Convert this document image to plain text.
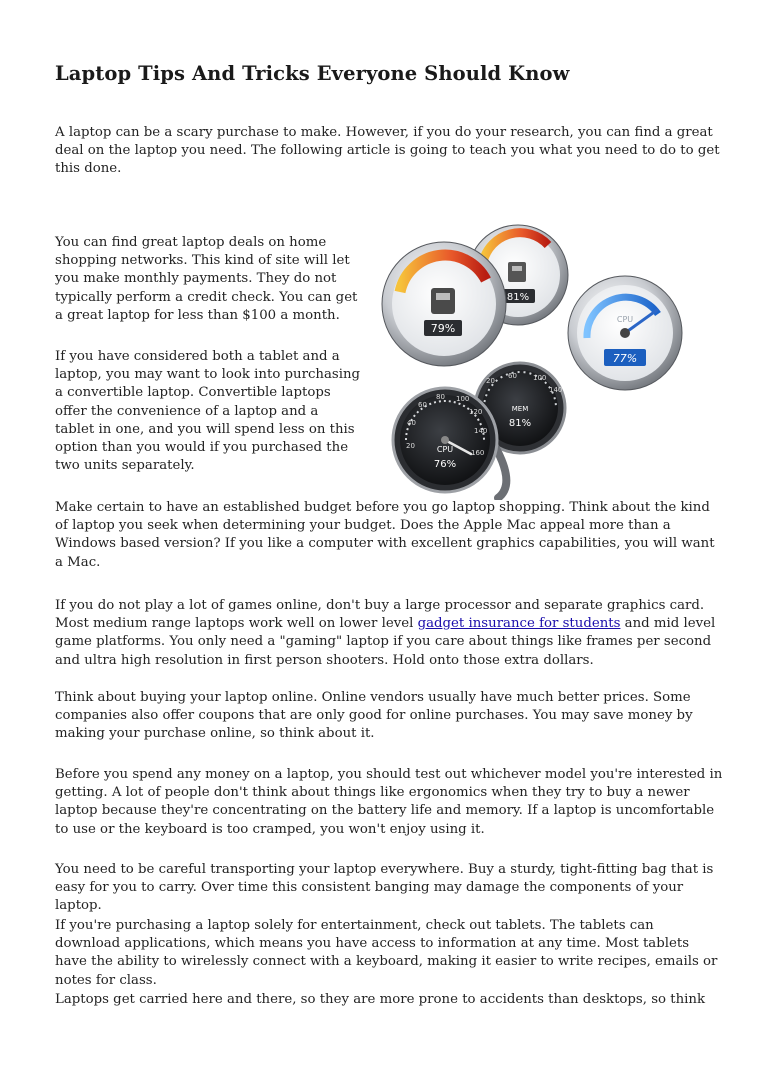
Laptop Tips And Tricks Everyone Should Know

A laptop can be a scary purchase to make. However, if you do your research, you can find a great deal on the laptop you need. The following article is going to teach you what you need to do to get this done.

You can find great laptop deals on home shopping networks. This kind of site will let you make monthly payments. They do not typically perform a credit check. You can get a great laptop for less than $100 a month.

If you have considered both a tablet and a laptop, you may want to look into purchasing a convertible laptop. Convertible laptops offer the convenience of a laptop and a tablet in one, and you will spend less on this option than you would if you purchased the two units separately.

Make certain to have an established budget before you go laptop shopping. Think about the kind of laptop you seek when determining your budget. Does the Apple Mac appeal more than a Windows based version? If you like a computer with excellent graphics capabilities, you will want a Mac.

If you do not play a lot of games online, don't buy a large processor and separate graphics card. Most medium range laptops work well on lower level gadget insurance for students and mid level game platforms. You only need a "gaming" laptop if you care about things like frames per second and ultra high resolution in first person shooters. Hold onto those extra dollars.

Think about buying your laptop online. Online vendors usually have much better prices. Some companies also offer coupons that are only good for online purchases. You may save money by making your purchase online, so think about it.

Before you spend any money on a laptop, you should test out whichever model you're interested in getting. A lot of people don't think about things like ergonomics when they try to buy a newer laptop because they're concentrating on the battery life and memory. If a laptop is uncomfortable to use or the keyboard is too cramped, you won't enjoy using it.

You need to be careful transporting your laptop everywhere. Buy a sturdy, tight-fitting bag that is easy for you to carry. Over time this consistent banging may damage the components of your laptop.

If you're purchasing a laptop solely for entertainment, check out tablets. The tablets can download applications, which means you have access to information at any time. Most tablets have the ability to wirelessly connect with a keyboard, making it easier to write recipes, emails or notes for class.

Laptops get carried here and there, so they are more prone to accidents than desktops, so think

81%
79%
CPU
77%
20
60 100
140
MEM
81%
20
40
60
80 100
120
140
160
CPU
76%
